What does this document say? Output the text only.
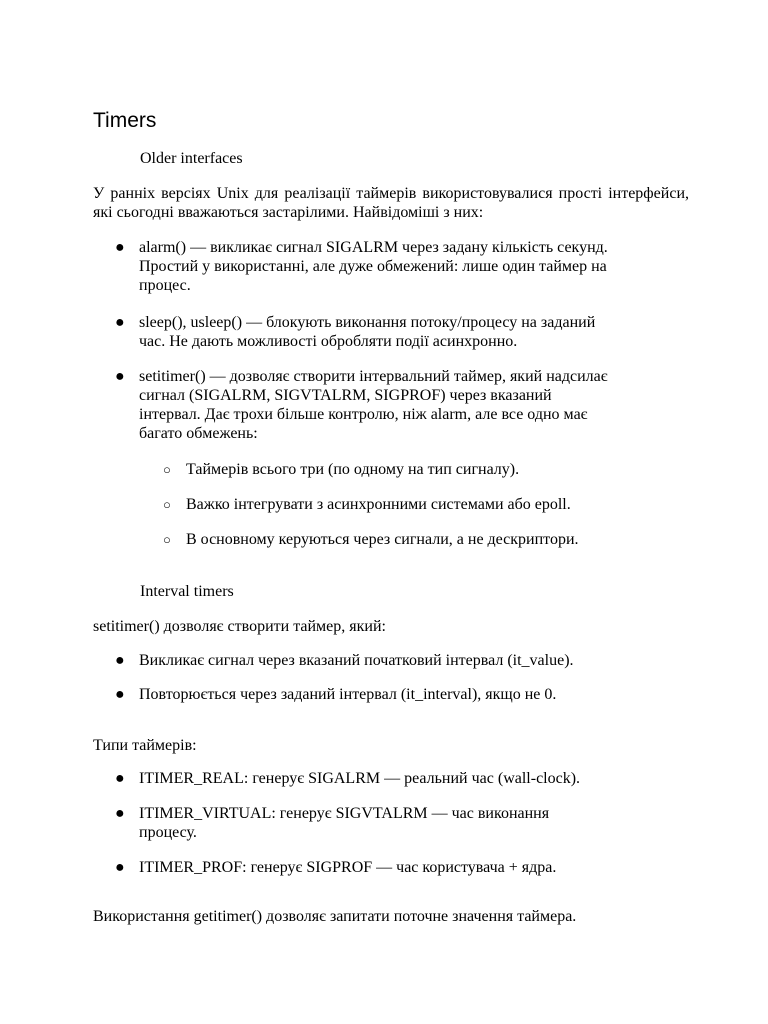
Timers
Older interfaces

У ранніх версіях Unix для реалізації таймерів використовувалися прості інтерфейси, які сьогодні вважаються застарілими. Найвідоміші з них:

● alarm() — викликає сигнал SIGALRM через задану кількість секунд.
Простий у використанні, але дуже обмежений: лише один таймер на
процес.
● sleep(), usleep() — блокують виконання потоку/процесу на заданий
час. Не дають можливості обробляти події асинхронно.
● setitimer() — дозволяє створити інтервальний таймер, який надсилає
сигнал (SIGALRM, SIGVTALRM, SIGPROF) через вказаний
інтервал. Дає трохи більше контролю, ніж alarm, але все одно має
багато обмежень:
○ Таймерів всього три (по одному на тип сигналу).
○ Важко інтегрувати з асинхронними системами або epoll.
○ В основному керуються через сигнали, а не дескриптори.
Interval timers

setitimer() дозволяє створити таймер, який:

● Викликає сигнал через вказаний початковий інтервал (it_value).
● Повторюється через заданий інтервал (it_interval), якщо не 0.

Типи таймерів:

● ITIMER_REAL: генерує SIGALRM — реальний час (wall-clock).
● ITIMER_VIRTUAL: генерує SIGVTALRM — час виконання
процесу.
● ITIMER_PROF: генерує SIGPROF — час користувача + ядра.

Використання getitimer() дозволяє запитати поточне значення таймера.
